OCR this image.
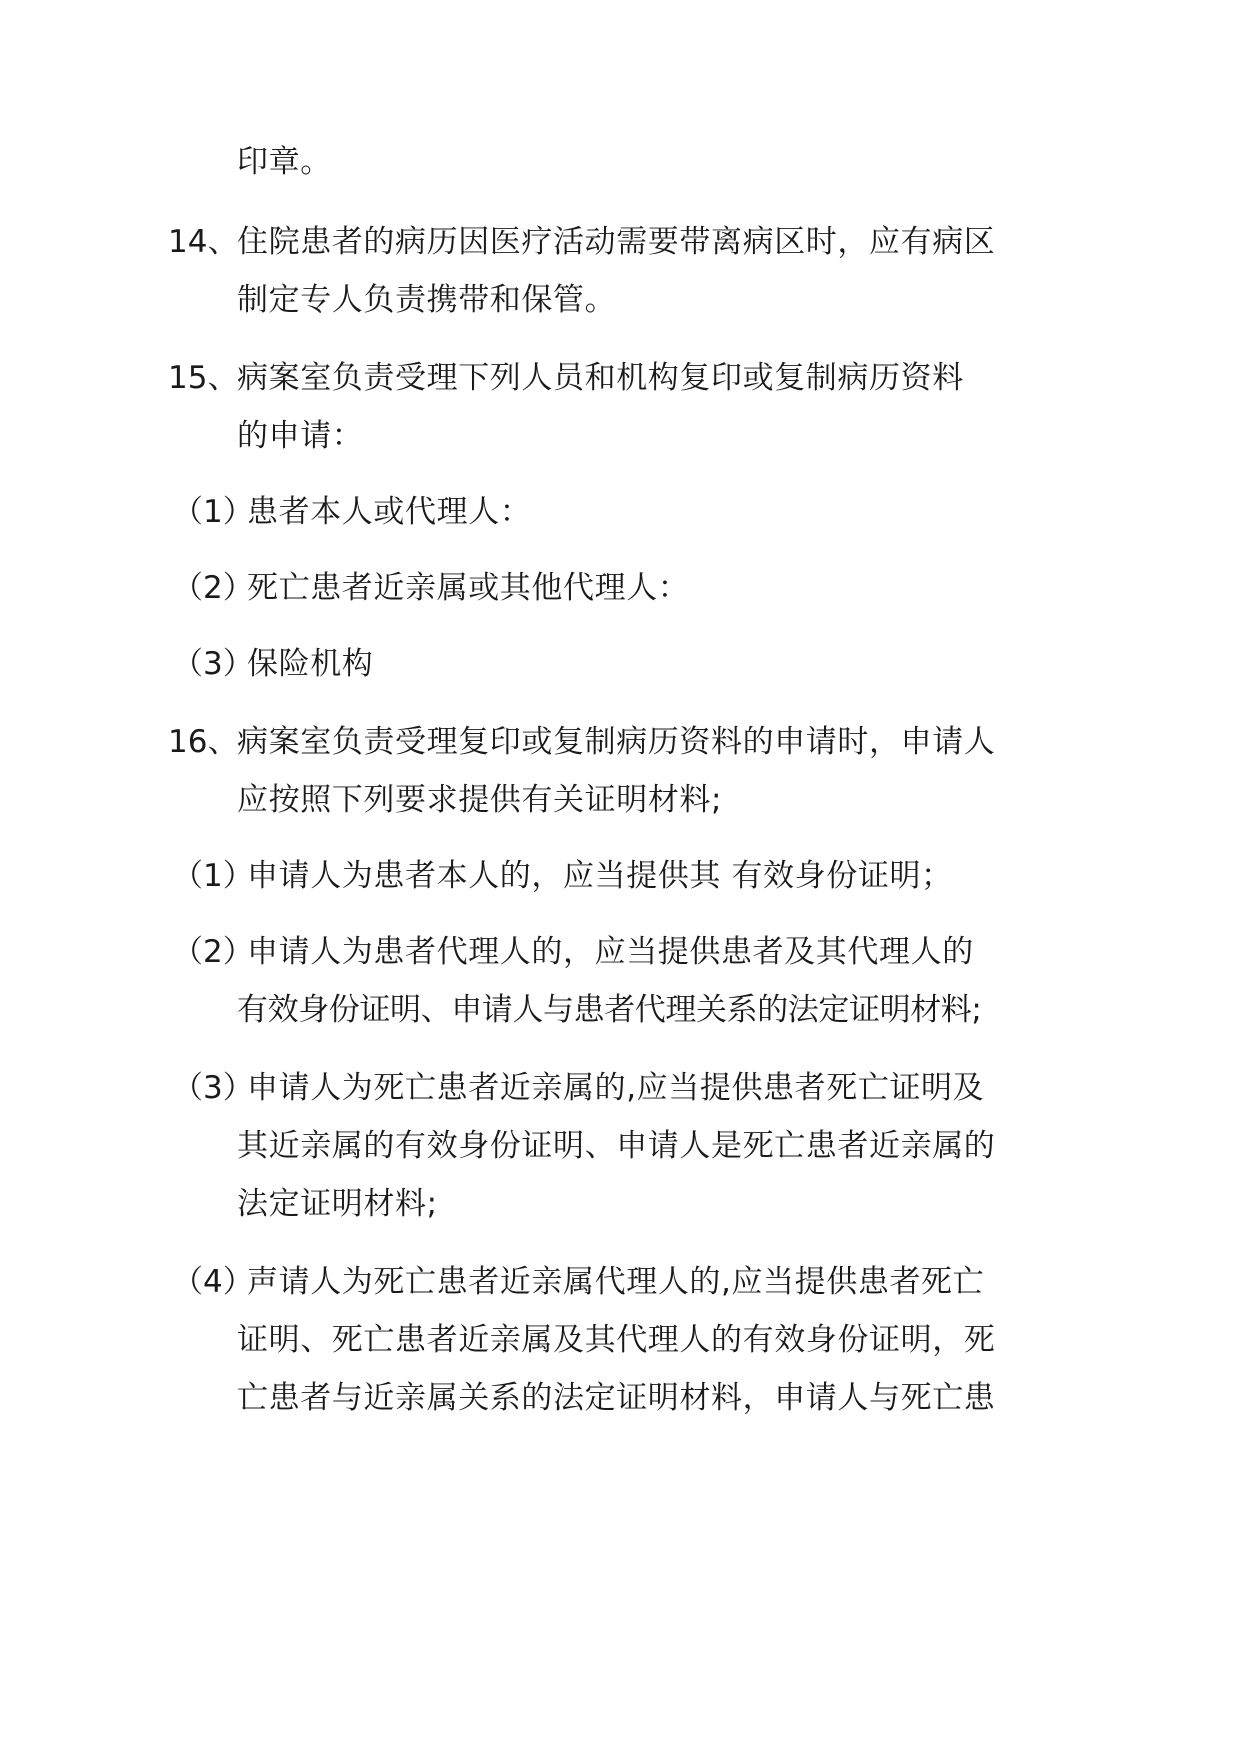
印章。
14、
住院患者的病历因医疗活动需要带离病区时，应有病区
制定专人负责携带和保管。
15、
病案室负责受理下列人员和机构复印或复制病历资料
的申请：
（1）
患者本人或代理人：
（2）
死亡患者近亲属或其他代理人：
（3）
保险机构
16、
病案室负责受理复印或复制病历资料的申请时，申请人
应按照下列要求提供有关证明材料;
（1）
申请人为患者本人的，应当提供其 有效身份证明；
（2）
申请人为患者代理人的，应当提供患者及其代理人的
有效身份证明、申请人与患者代理关系的法定证明材料;
（3）
申请人为死亡患者近亲属的,应当提供患者死亡证明及
其近亲属的有效身份证明、申请人是死亡患者近亲属的
法定证明材料;
（4）
声请人为死亡患者近亲属代理人的,应当提供患者死亡
证明、死亡患者近亲属及其代理人的有效身份证明，死
亡患者与近亲属关系的法定证明材料，申请人与死亡患
